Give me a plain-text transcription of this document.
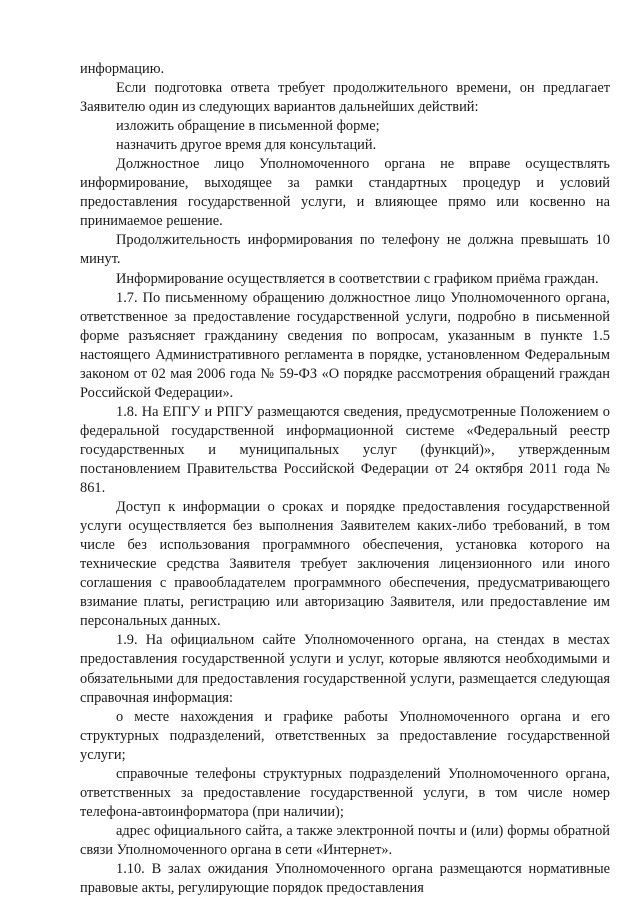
информацию.

Если подготовка ответа требует продолжительного времени, он предлагает Заявителю один из следующих вариантов дальнейших действий:

изложить обращение в письменной форме;

назначить другое время для консультаций.

Должностное лицо Уполномоченного органа не вправе осуществлять информирование, выходящее за рамки стандартных процедур и условий предоставления государственной услуги, и влияющее прямо или косвенно на принимаемое решение.

Продолжительность информирования по телефону не должна превышать 10 минут.

Информирование осуществляется в соответствии с графиком приёма граждан.

1.7. По письменному обращению должностное лицо Уполномоченного органа, ответственное за предоставление государственной услуги, подробно в письменной форме разъясняет гражданину сведения по вопросам, указанным в пункте 1.5 настоящего Административного регламента в порядке, установленном Федеральным законом от 02 мая 2006 года № 59-ФЗ «О порядке рассмотрения обращений граждан Российской Федерации».

1.8. На ЕПГУ и РПГУ размещаются сведения, предусмотренные Положением о федеральной государственной информационной системе «Федеральный реестр государственных и муниципальных услуг (функций)», утвержденным постановлением Правительства Российской Федерации от 24 октября 2011 года № 861.

Доступ к информации о сроках и порядке предоставления государственной услуги осуществляется без выполнения Заявителем каких-либо требований, в том числе без использования программного обеспечения, установка которого на технические средства Заявителя требует заключения лицензионного или иного соглашения с правообладателем программного обеспечения, предусматривающего взимание платы, регистрацию или авторизацию Заявителя, или предоставление им персональных данных.

1.9. На официальном сайте Уполномоченного органа, на стендах в местах предоставления государственной услуги и услуг, которые являются необходимыми и обязательными для предоставления государственной услуги, размещается следующая справочная информация:

о месте нахождения и графике работы Уполномоченного органа и его структурных подразделений, ответственных за предоставление государственной услуги;

справочные телефоны структурных подразделений Уполномоченного органа, ответственных за предоставление государственной услуги, в том числе номер телефона-автоинформатора (при наличии);

адрес официального сайта, а также электронной почты и (или) формы обратной связи Уполномоченного органа в сети «Интернет».

1.10. В залах ожидания Уполномоченного органа размещаются нормативные правовые акты, регулирующие порядок предоставления
